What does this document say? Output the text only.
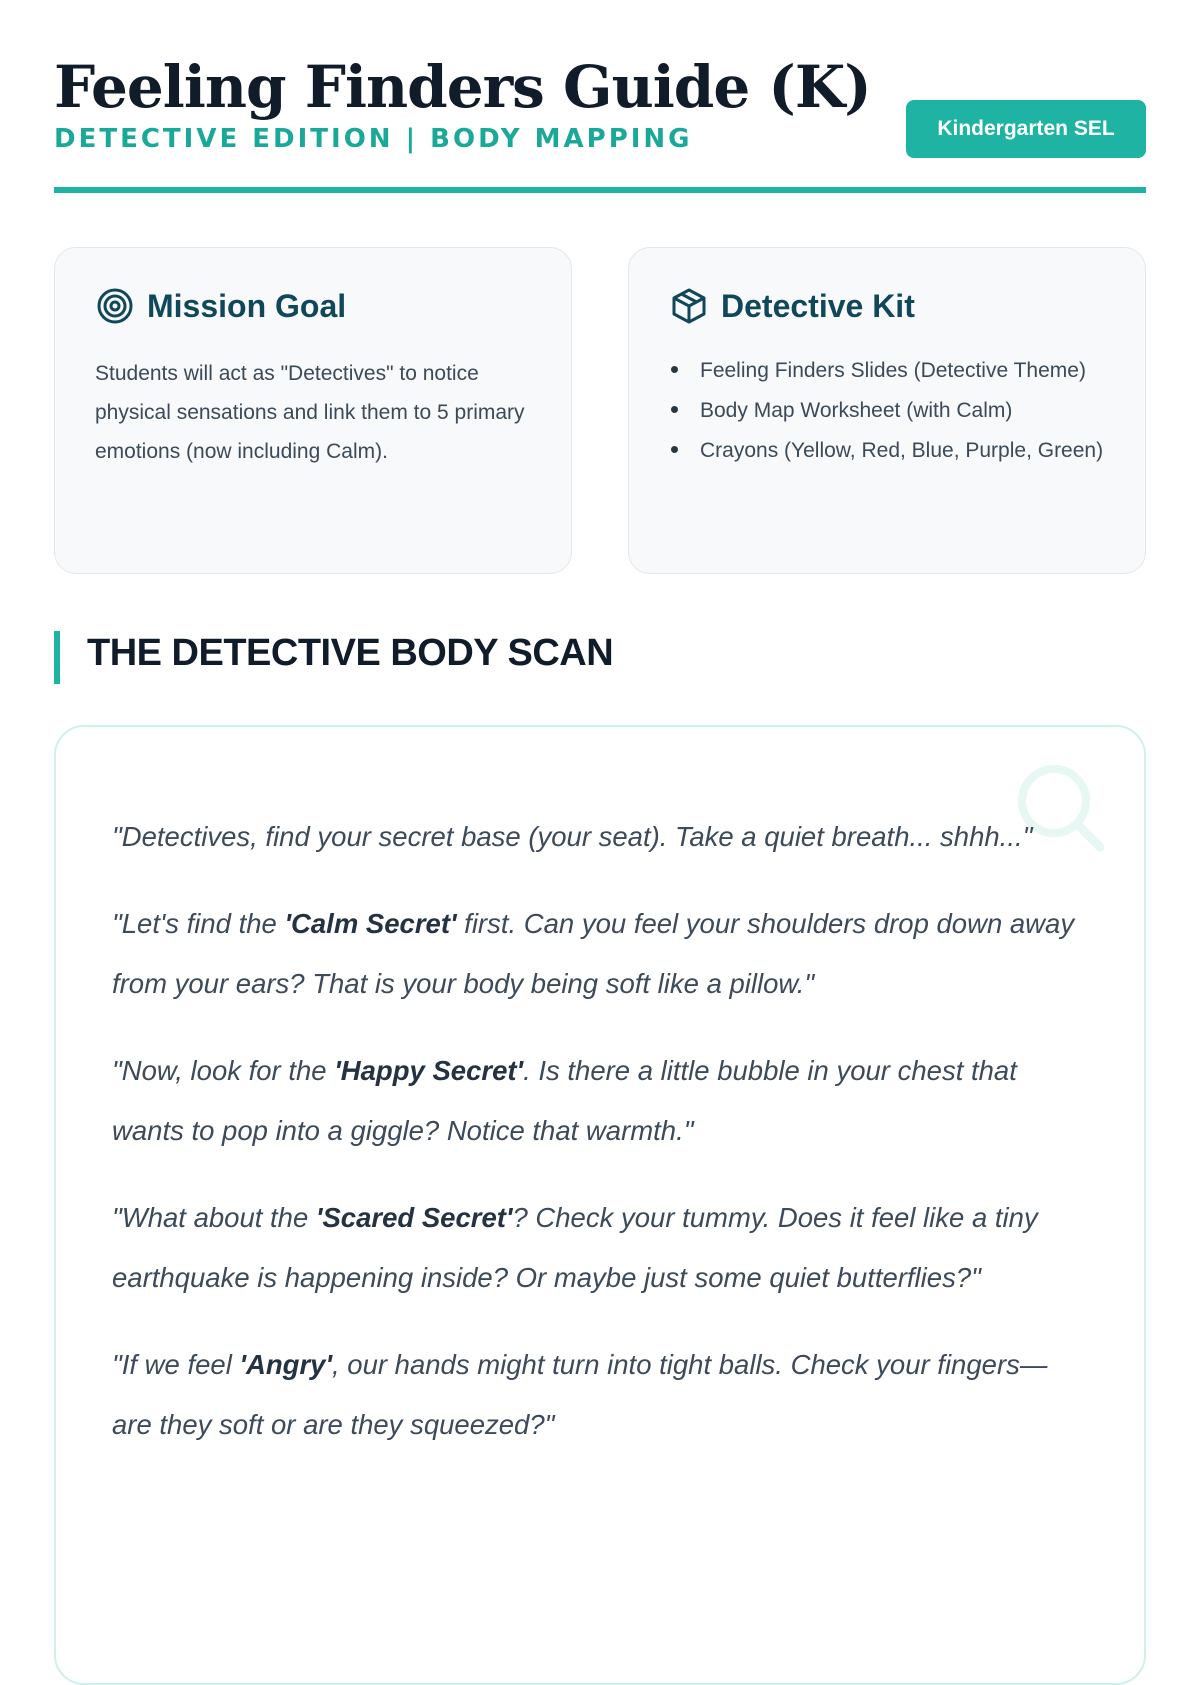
Feeling Finders Guide (K)
DETECTIVE EDITION | BODY MAPPING	Kindergarten SEL
Mission Goal

Students will act as "Detectives" to notice physical sensations and link them to 5 primary emotions (now including Calm).

Detective Kit
Feeling Finders Slides (Detective Theme)
Body Map Worksheet (with Calm)
Crayons (Yellow, Red, Blue, Purple, Green)
THE DETECTIVE BODY SCAN

"Detectives, find your secret base (your seat). Take a quiet breath... shhh..."

"Let's find the 'Calm Secret' first. Can you feel your shoulders drop down away from your ears? That is your body being soft like a pillow."

"Now, look for the 'Happy Secret'. Is there a little bubble in your chest that wants to pop into a giggle? Notice that warmth."

"What about the 'Scared Secret'? Check your tummy. Does it feel like a tiny earthquake is happening inside? Or maybe just some quiet butterflies?"

"If we feel 'Angry', our hands might turn into tight balls. Check your fingers—are they soft or are they squeezed?"
